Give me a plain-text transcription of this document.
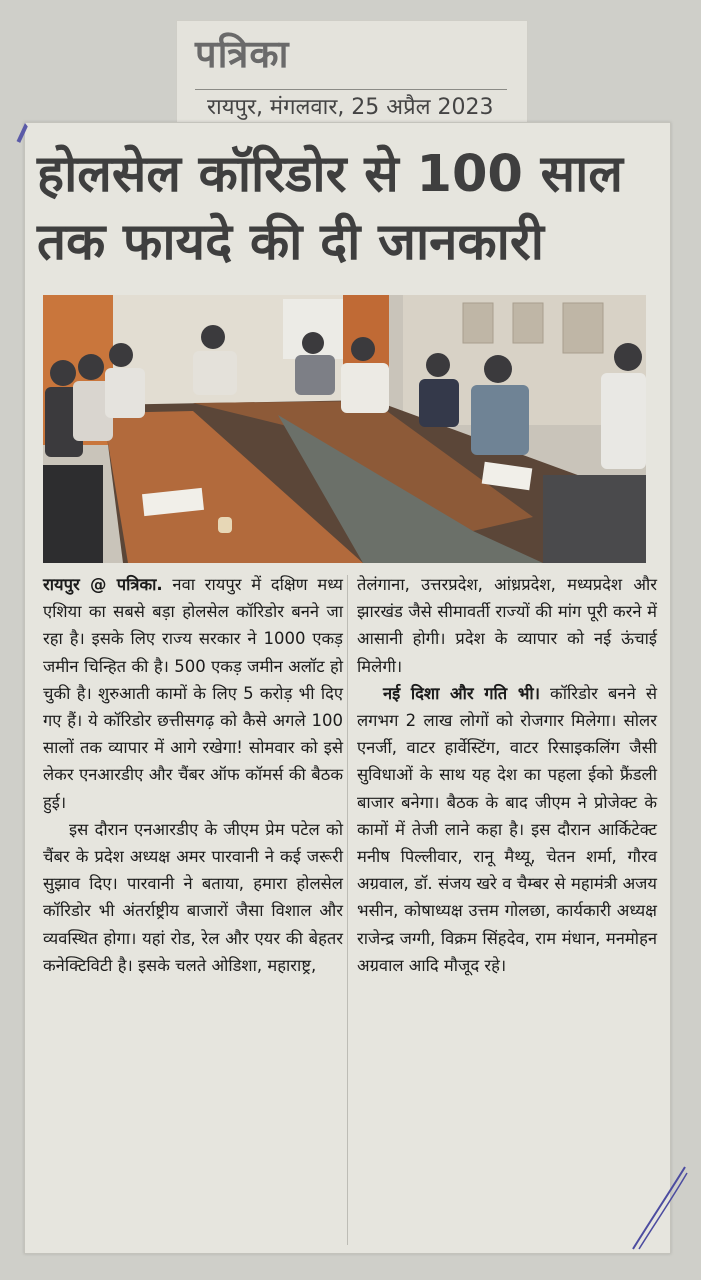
पत्रिका
रायपुर, मंगलवार, 25 अप्रैल 2023
होलसेल कॉरिडोर से 100 साल
तक फायदे की दी जानकारी

रायपुर @ पत्रिका. नवा रायपुर में दक्षिण मध्य एशिया का सबसे बड़ा होलसेल कॉरिडोर बनने जा रहा है। इसके लिए राज्य सरकार ने 1000 एकड़ जमीन चिन्हित की है। 500 एकड़ जमीन अलॉट हो चुकी है। शुरुआती कामों के लिए 5 करोड़ भी दिए गए हैं। ये कॉरिडोर छत्तीसगढ़ को कैसे अगले 100 सालों तक व्यापार में आगे रखेगा! सोमवार को इसे लेकर एनआरडीए और चैंबर ऑफ कॉमर्स की बैठक हुई।

इस दौरान एनआरडीए के जीएम प्रेम पटेल को चैंबर के प्रदेश अध्यक्ष अमर पारवानी ने कई जरूरी सुझाव दिए। पारवानी ने बताया, हमारा होलसेल कॉरिडोर भी अंतर्राष्ट्रीय बाजारों जैसा विशाल और व्यवस्थित होगा। यहां रोड, रेल और एयर की बेहतर कनेक्टिविटी है। इसके चलते ओडिशा, महाराष्ट्र,

तेलंगाना, उत्तरप्रदेश, आंध्रप्रदेश, मध्यप्रदेश और झारखंड जैसे सीमावर्ती राज्यों की मांग पूरी करने में आसानी होगी। प्रदेश के व्यापार को नई ऊंचाई मिलेगी।

नई दिशा और गति भी। कॉरिडोर बनने से लगभग 2 लाख लोगों को रोजगार मिलेगा। सोलर एनर्जी, वाटर हार्वेस्टिंग, वाटर रिसाइकलिंग जैसी सुविधाओं के साथ यह देश का पहला ईको फ्रैंडली बाजार बनेगा। बैठक के बाद जीएम ने प्रोजेक्ट के कामों में तेजी लाने कहा है। इस दौरान आर्किटेक्ट मनीष पिल्लीवार, रानू मैथ्यू, चेतन शर्मा, गौरव अग्रवाल, डॉ. संजय खरे व चैम्बर से महामंत्री अजय भसीन, कोषाध्यक्ष उत्तम गोलछा, कार्यकारी अध्यक्ष राजेन्द्र जग्गी, विक्रम सिंहदेव, राम मंधान, मनमोहन अग्रवाल आदि मौजूद रहे।
